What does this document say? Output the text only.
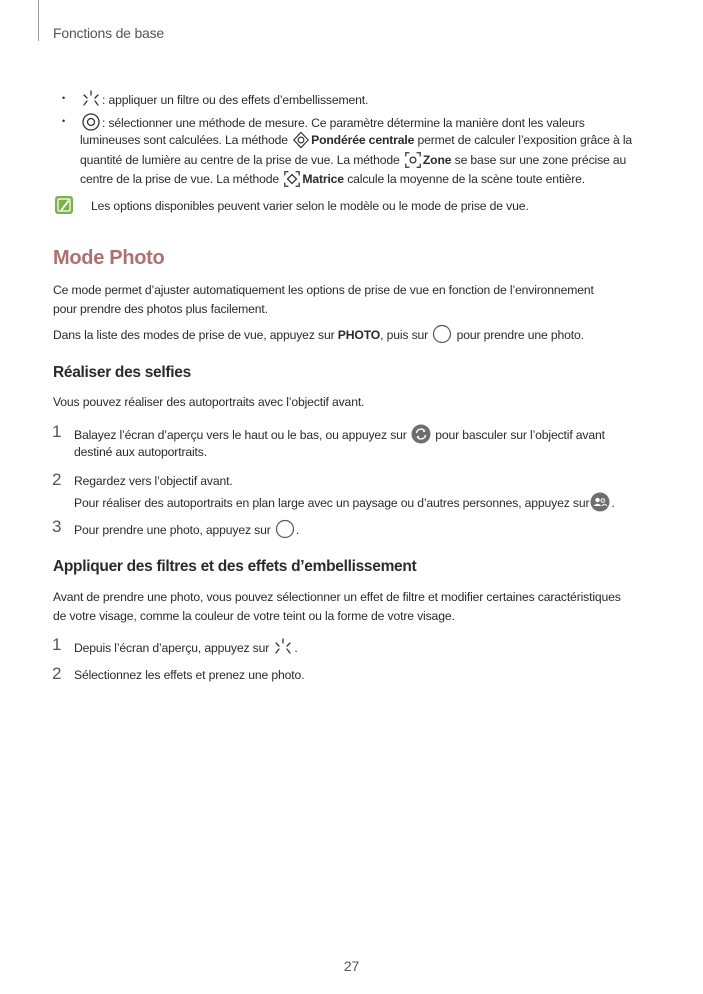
Fonctions de base
•	: appliquer un filtre ou des effets d’embellissement.
•	: sélectionner une méthode de mesure. Ce paramètre détermine la manière dont les valeurs
lumineuses sont calculées. La méthode Pondérée centrale permet de calculer l’exposition grâce à la
quantité de lumière au centre de la prise de vue. La méthode Zone se base sur une zone précise au
centre de la prise de vue. La méthode Matrice calcule la moyenne de la scène toute entière.
Les options disponibles peuvent varier selon le modèle ou le mode de prise de vue.
Mode Photo
Ce mode permet d’ajuster automatiquement les options de prise de vue en fonction de l’environnement
pour prendre des photos plus facilement.
Dans la liste des modes de prise de vue, appuyez sur PHOTO, puis sur pour prendre une photo.
Réaliser des selfies
Vous pouvez réaliser des autoportraits avec l’objectif avant.
1 Balayez l’écran d’aperçu vers le haut ou le bas, ou appuyez sur pour basculer sur l’objectif avant
destiné aux autoportraits.
2 Regardez vers l’objectif avant.
Pour réaliser des autoportraits en plan large avec un paysage ou d’autres personnes, appuyez sur .
3 Pour prendre une photo, appuyez sur .
Appliquer des filtres et des effets d’embellissement
Avant de prendre une photo, vous pouvez sélectionner un effet de filtre et modifier certaines caractéristiques
de votre visage, comme la couleur de votre teint ou la forme de votre visage.
1 Depuis l’écran d’aperçu, appuyez sur .
2 Sélectionnez les effets et prenez une photo.
27
